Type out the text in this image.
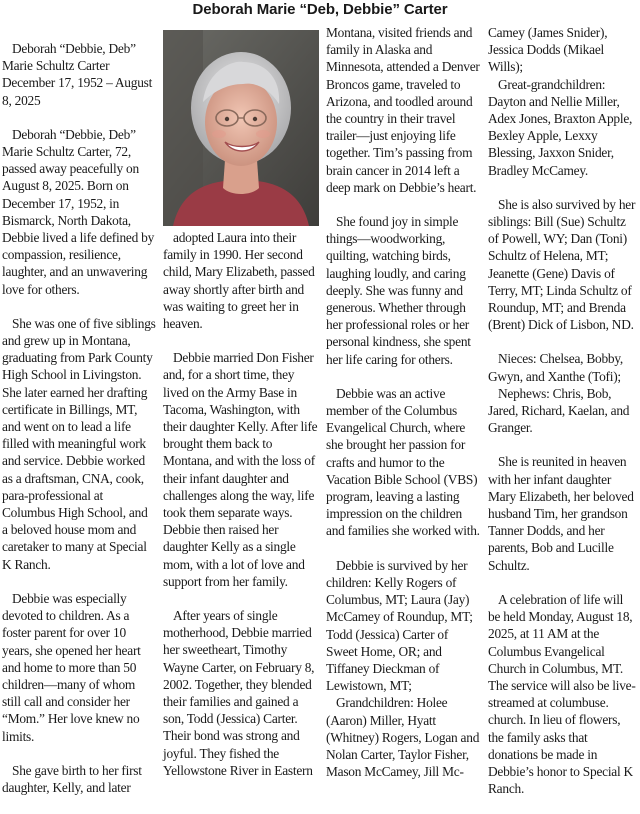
Deborah Marie “Deb, Debbie” Carter

Deborah “Debbie, Deb” Marie Schultz Carter December 17, 1952 – August 8, 2025

Deborah “Debbie, Deb” Marie Schultz Carter, 72, passed away peacefully on August 8, 2025. Born on December 17, 1952, in Bismarck, North Dakota, Debbie lived a life defined by compassion, resilience, laughter, and an unwavering love for others.

She was one of five siblings and grew up in Montana, graduating from Park County High School in Livingston. She later earned her drafting certificate in Billings, MT, and went on to lead a life filled with meaningful work and service. Debbie worked as a draftsman, CNA, cook, para-professional at Columbus High School, and a beloved house mom and caretaker to many at Special K Ranch.

Debbie was especially devoted to children. As a foster parent for over 10 years, she opened her heart and home to more than 50 children—many of whom still call and consider her “Mom.” Her love knew no limits.

She gave birth to her first daughter, Kelly, and later

adopted Laura into their family in 1990. Her second child, Mary Elizabeth, passed away shortly after birth and was waiting to greet her in heaven.

Debbie married Don Fisher and, for a short time, they lived on the Army Base in Tacoma, Washington, with their daughter Kelly. After life brought them back to Montana, and with the loss of their infant daughter and challenges along the way, life took them separate ways. Debbie then raised her daughter Kelly as a single mom, with a lot of love and support from her family.

After years of single motherhood, Debbie married her sweetheart, Timothy Wayne Carter, on February 8, 2002. Together, they blended their families and gained a son, Todd (Jessica) Carter. Their bond was strong and joyful. They fished the Yellowstone River in Eastern

Montana, visited friends and family in Alaska and Minnesota, attended a Denver Broncos game, traveled to Arizona, and toodled around the country in their travel trailer—just enjoying life together. Tim’s passing from brain cancer in 2014 left a deep mark on Debbie’s heart.

She found joy in simple things—woodworking, quilting, watching birds, laughing loudly, and caring deeply. She was funny and generous. Whether through her professional roles or her personal kindness, she spent her life caring for others.

Debbie was an active member of the Columbus Evangelical Church, where she brought her passion for crafts and humor to the Vacation Bible School (VBS) program, leaving a lasting impression on the children and families she worked with.

Debbie is survived by her children: Kelly Rogers of Columbus, MT; Laura (Jay) McCamey of Roundup, MT; Todd (Jessica) Carter of Sweet Home, OR; and Tiffaney Dieckman of Lewistown, MT;

Grandchildren: Holee (Aaron) Miller, Hyatt (Whitney) Rogers, Logan and Nolan Carter, Taylor Fisher, Mason McCamey, Jill Mc-

Camey (James Snider), Jessica Dodds (Mikael Wills);

Great-grandchildren: Dayton and Nellie Miller, Adex Jones, Braxton Apple, Bexley Apple, Lexxy Blessing, Jaxxon Snider, Bradley McCamey.

She is also survived by her siblings: Bill (Sue) Schultz of Powell, WY; Dan (Toni) Schultz of Helena, MT; Jeanette (Gene) Davis of Terry, MT; Linda Schultz of Roundup, MT; and Brenda (Brent) Dick of Lisbon, ND.

Nieces: Chelsea, Bobby, Gwyn, and Xanthe (Tofi);

Nephews: Chris, Bob, Jared, Richard, Kaelan, and Granger.

She is reunited in heaven with her infant daughter Mary Elizabeth, her beloved husband Tim, her grandson Tanner Dodds, and her parents, Bob and Lucille Schultz.

A celebration of life will be held Monday, August 18, 2025, at 11 AM at the Columbus Evangelical Church in Columbus, MT. The service will also be live-streamed at columbuse. church. In lieu of flowers, the family asks that donations be made in Debbie’s honor to Special K Ranch.
